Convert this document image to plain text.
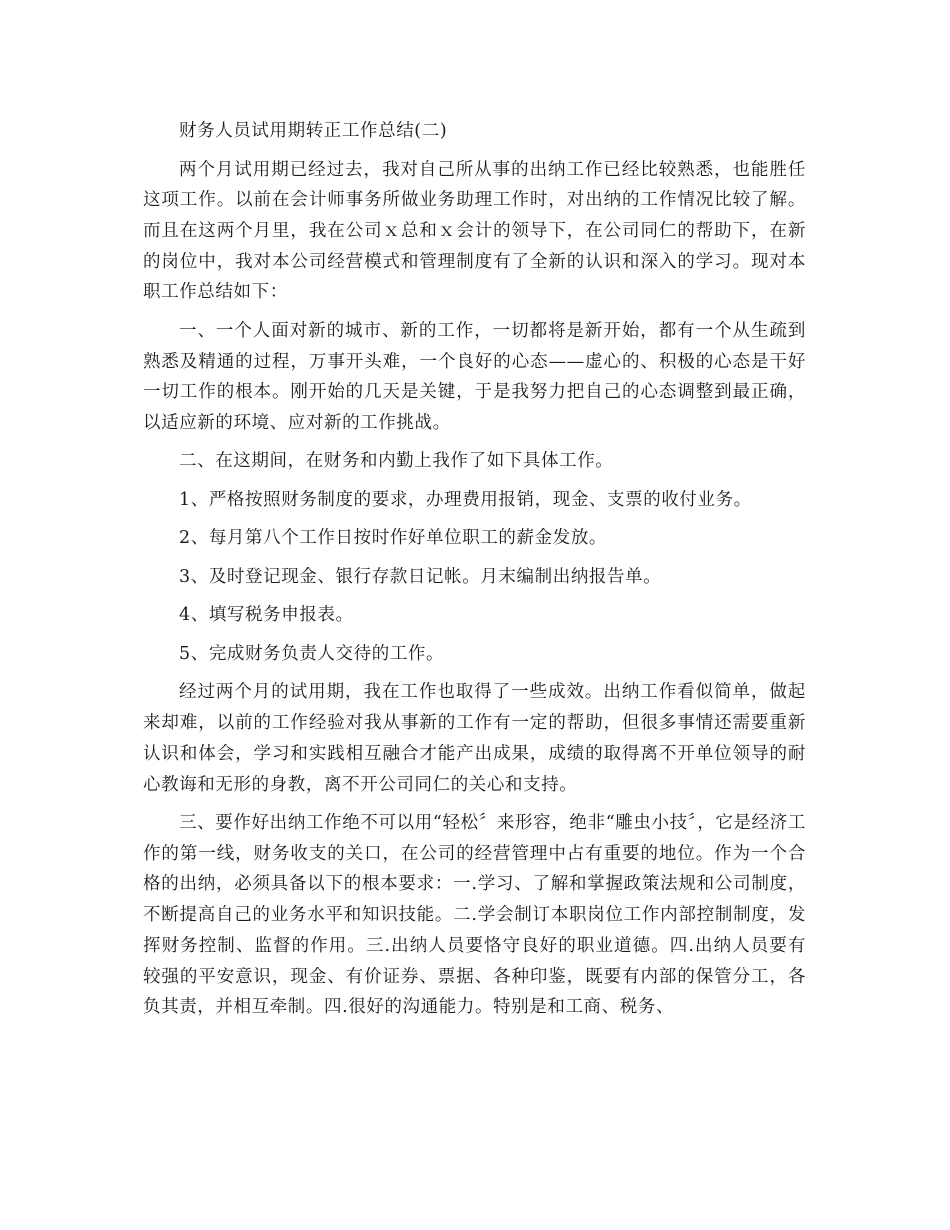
财务人员试用期转正工作总结(二)

两个月试用期已经过去，我对自己所从事的出纳工作已经比较熟悉，也能胜任这项工作。以前在会计师事务所做业务助理工作时，对出纳的工作情况比较了解。而且在这两个月里，我在公司ｘ总和ｘ会计的领导下，在公司同仁的帮助下，在新的岗位中，我对本公司经营模式和管理制度有了全新的认识和深入的学习。现对本职工作总结如下：

一、一个人面对新的城市、新的工作，一切都将是新开始，都有一个从生疏到熟悉及精通的过程，万事开头难，一个良好的心态——虚心的、积极的心态是干好一切工作的根本。刚开始的几天是关键，于是我努力把自己的心态调整到最正确，以适应新的环境、应对新的工作挑战。

二、在这期间，在财务和内勤上我作了如下具体工作。

1、严格按照财务制度的要求，办理费用报销，现金、支票的收付业务。

2、每月第八个工作日按时作好单位职工的薪金发放。

3、及时登记现金、银行存款日记帐。月末编制出纳报告单。

4、填写税务申报表。

5、完成财务负责人交待的工作。

经过两个月的试用期，我在工作也取得了一些成效。出纳工作看似简单，做起来却难，以前的工作经验对我从事新的工作有一定的帮助，但很多事情还需要重新认识和体会，学习和实践相互融合才能产出成果，成绩的取得离不开单位领导的耐心教诲和无形的身教，离不开公司同仁的关心和支持。

三、要作好出纳工作绝不可以用“轻松〞来形容，绝非“雕虫小技〞，它是经济工作的第一线，财务收支的关口，在公司的经营管理中占有重要的地位。作为一个合格的出纳，必须具备以下的根本要求：一.学习、了解和掌握政策法规和公司制度，不断提高自己的业务水平和知识技能。二.学会制订本职岗位工作内部控制制度，发挥财务控制、监督的作用。三.出纳人员要恪守良好的职业道德。四.出纳人员要有较强的平安意识，现金、有价证券、票据、各种印鉴，既要有内部的保管分工，各负其责，并相互牵制。四.很好的沟通能力。特别是和工商、税务、
